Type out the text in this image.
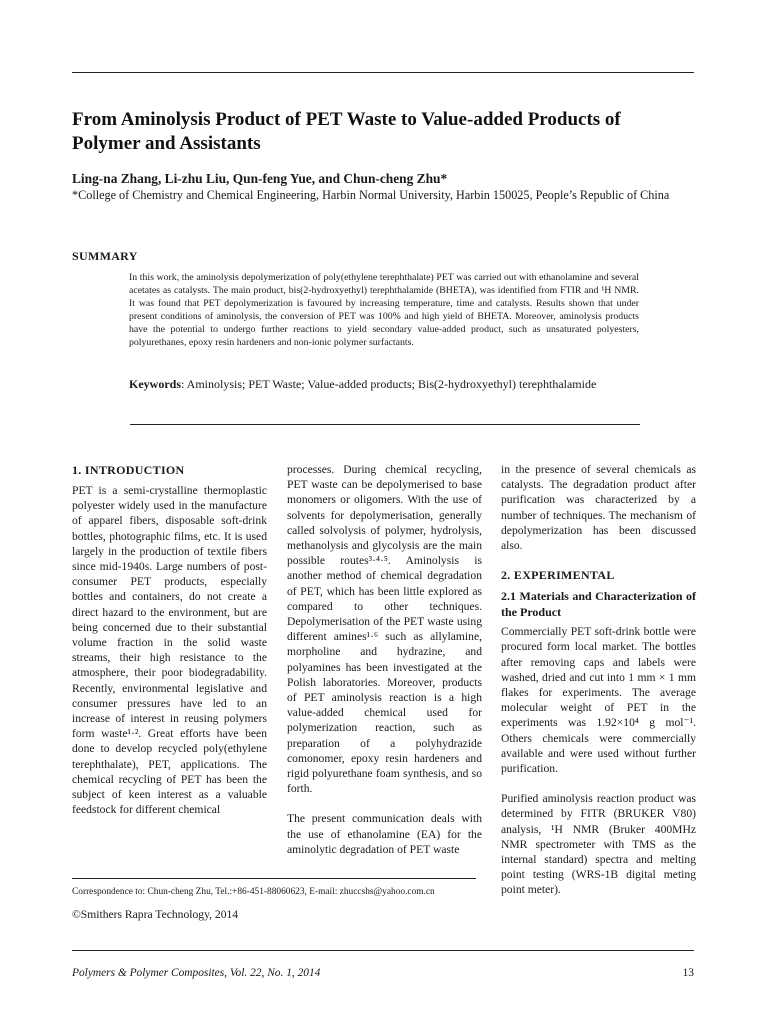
From Aminolysis Product of PET Waste to Value-added Products of Polymer and Assistants

Ling-na Zhang, Li-zhu Liu, Qun-feng Yue, and Chun-cheng Zhu*

*College of Chemistry and Chemical Engineering, Harbin Normal University, Harbin 150025, People’s Republic of China

SUMMARY

In this work, the aminolysis depolymerization of poly(ethylene terephthalate) PET was carried out with ethanolamine and several acetates as catalysts. The main product, bis(2-hydroxyethyl) terephthalamide (BHETA), was identified from FTIR and ¹H NMR. It was found that PET depolymerization is favoured by increasing temperature, time and catalysts. Results shown that under present conditions of aminolysis, the conversion of PET was 100% and high yield of BHETA. Moreover, aminolysis products have the potential to undergo further reactions to yield secondary value-added product, such as unsaturated polyesters, polyurethanes, epoxy resin hardeners and non-ionic polymer surfactants.

Keywords: Aminolysis; PET Waste; Value-added products; Bis(2-hydroxyethyl) terephthalamide

1. INTRODUCTION

PET is a semi-crystalline thermoplastic polyester widely used in the manufacture of apparel fibers, disposable soft-drink bottles, photographic films, etc. It is used largely in the production of textile fibers since mid-1940s. Large numbers of post-consumer PET products, especially bottles and containers, do not create a direct hazard to the environment, but are being concerned due to their substantial volume fraction in the solid waste streams, their high resistance to the atmosphere, their poor biodegradability. Recently, environmental legislative and consumer pressures have led to an increase of interest in reusing polymers form waste¹·². Great efforts have been done to develop recycled poly(ethylene terephthalate), PET, applications. The chemical recycling of PET has been the subject of keen interest as a valuable feedstock for different chemical

processes. During chemical recycling, PET waste can be depolymerised to base monomers or oligomers. With the use of solvents for depolymerisation, generally called solvolysis of polymer, hydrolysis, methanolysis and glycolysis are the main possible routes³·⁴·⁵. Aminolysis is another method of chemical degradation of PET, which has been little explored as compared to other techniques. Depolymerisation of the PET waste using different amines¹·⁶ such as allylamine, morpholine and hydrazine, and polyamines has been investigated at the Polish laboratories. Moreover, products of PET aminolysis reaction is a high value-added chemical used for polymerization reaction, such as preparation of a polyhydrazide comonomer, epoxy resin hardeners and rigid polyurethane foam synthesis, and so forth.

The present communication deals with the use of ethanolamine (EA) for the aminolytic degradation of PET waste

in the presence of several chemicals as catalysts. The degradation product after purification was characterized by a number of techniques. The mechanism of depolymerization has been discussed also.

2. EXPERIMENTAL
2.1 Materials and Characterization of the Product

Commercially PET soft-drink bottle were procured form local market. The bottles after removing caps and labels were washed, dried and cut into 1 mm × 1 mm flakes for experiments. The average molecular weight of PET in the experiments was 1.92×10⁴ g mol⁻¹. Others chemicals were commercially available and were used without further purification.

Purified aminolysis reaction product was determined by FITR (BRUKER V80) analysis, ¹H NMR (Bruker 400MHz NMR spectrometer with TMS as the internal standard) spectra and melting point testing (WRS-1B digital meting point meter).

Correspondence to: Chun-cheng Zhu, Tel.:+86-451-88060623, E-mail: zhuccshs@yahoo.com.cn

©Smithers Rapra Technology, 2014

Polymers & Polymer Composites, Vol. 22, No. 1, 2014	13
